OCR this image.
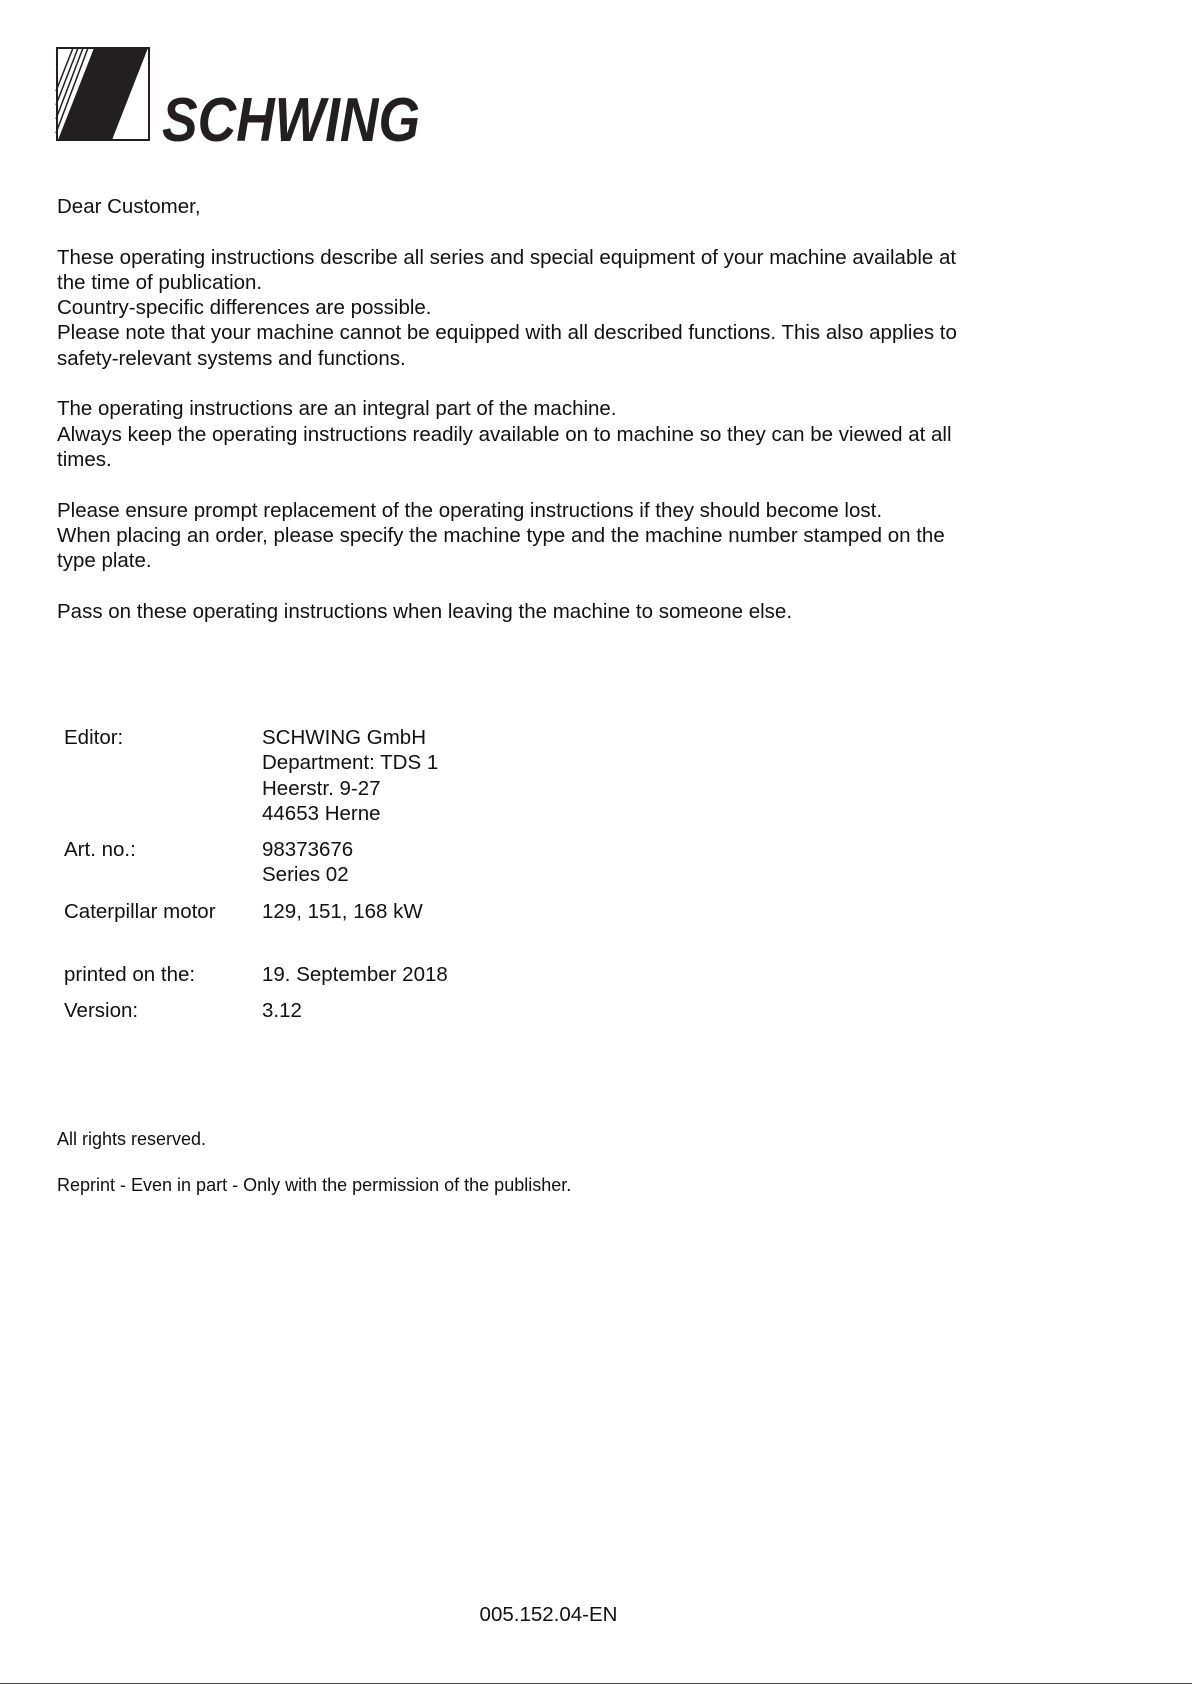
SCHWING

Dear Customer,

These operating instructions describe all series and special equipment of your machine available at
the time of publication.
Country-specific differences are possible.
Please note that your machine cannot be equipped with all described functions. This also applies to
safety-relevant systems and functions.

The operating instructions are an integral part of the machine.
Always keep the operating instructions readily available on to machine so they can be viewed at all
times.

Please ensure prompt replacement of the operating instructions if they should become lost.
When placing an order, please specify the machine type and the machine number stamped on the
type plate.

Pass on these operating instructions when leaving the machine to someone else.

Editor:	SCHWING GmbH
Department: TDS 1
Heerstr. 9-27
44653 Herne

Art. no.:	98373676
Series 02

Caterpillar motor	129, 151, 168 kW
printed on the:	19. September 2018
Version:	3.12

All rights reserved.

Reprint - Even in part - Only with the permission of the publisher.

005.152.04-EN
